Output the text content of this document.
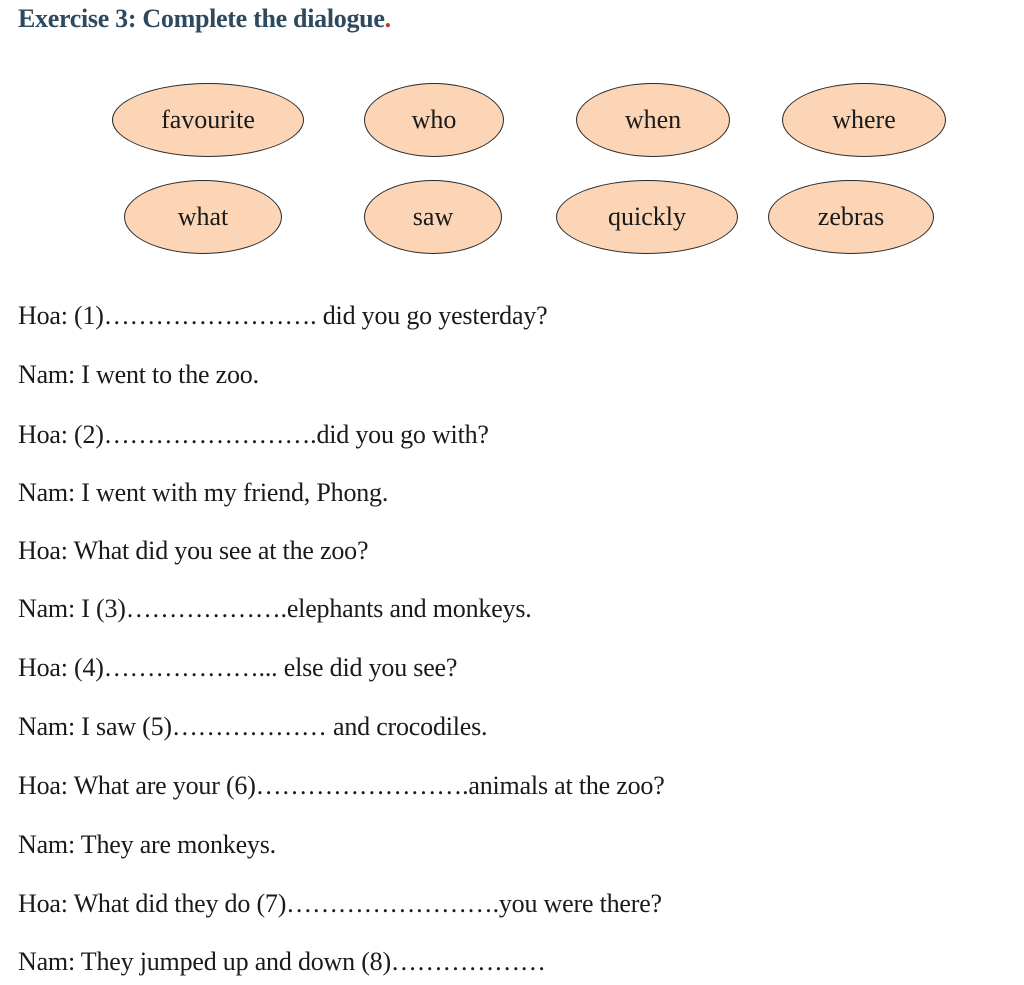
Exercise 3: Complete the dialogue.
favourite	who	when	where
what	saw	quickly	zebras
Hoa: (1)……………………. did you go yesterday?
Nam: I went to the zoo.
Hoa: (2)…………………….did you go with?
Nam: I went with my friend, Phong.
Hoa: What did you see at the zoo?
Nam: I (3)……………….elephants and monkeys.
Hoa: (4)………………... else did you see?
Nam: I saw (5)……………… and crocodiles.
Hoa: What are your (6)…………………….animals at the zoo?
Nam: They are monkeys.
Hoa: What did they do (7)…………………….you were there?
Nam: They jumped up and down (8)………………
